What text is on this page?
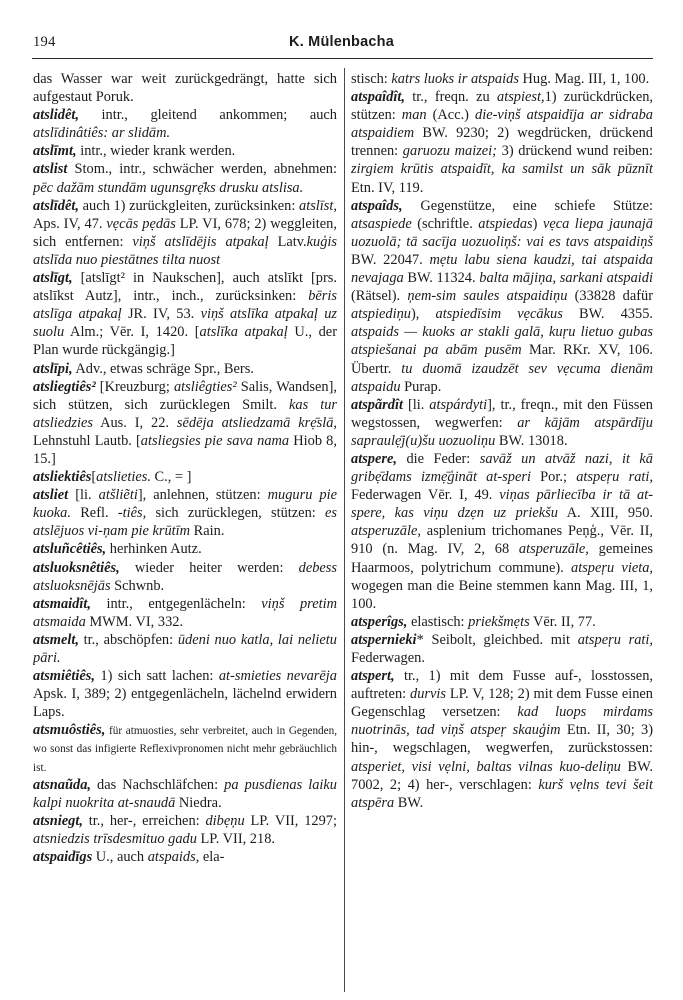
194	K. Mülenbacha

das Wasser war weit zurückgedrängt, hatte sich aufgestaut Poruk.

atslidêt, intr., gleitend ankommen; auch atslīdinâtiês: ar slidām.

atslīmt, intr., wieder krank werden.

atslist Stom., intr., schwächer werden, abnehmen: pēc dažām stundām ugunsgrẹ̄ks drusku atslisa.

atslīdêt, auch 1) zurückgleiten, zurücksinken: atslīst, Aps. IV, 47. vẹcās pẹdās LP. VI, 678; 2) weggleiten, sich entfernen: viņš atslīdējis atpakaļ Latv.kuģis atslīda nuo piestātnes tilta nuost

atslīgt, [atslīgt² in Naukschen], auch atslīkt [prs. atslīkst Autz], intr., inch., zurücksinken: bēris atslīga atpakaļ JR. IV, 53. viņš atslīka atpakaļ uz suolu Alm.; Vēr. I, 1420. [atslīka atpakaļ U., der Plan wurde rückgängig.]

atslīpi, Adv., etwas schräge Spr., Bers.

atsliegtiês² [Kreuzburg; atsliêgties² Salis, Wandsen], sich stützen, sich zurücklegen Smilt. kas tur atsliedzies Aus. I, 22. sēdēja atsliedzamā krẹ̄slā, Lehnstuhl Lautb. [atsliegsies pie sava nama Hiob 8, 15.]

atsliektiês[atslieties. C., = ]

atsliet [li. atšliẽti], anlehnen, stützen: muguru pie kuoka. Refl. -tiês, sich zurücklegen, stützen: es atslējuos vi-ņam pie krūtīm Rain.

atsluñcêtiês, herhinken Autz.

atsluoksnêtiês, wieder heiter werden: debess atsluoksnējās Schwnb.

atsmaidît, intr., entgegenlächeln: viņš pretim atsmaida MWM. VI, 332.

atsmelt, tr., abschöpfen: ūdeni nuo katla, lai nelietu pāri.

atsmiêtiês, 1) sich satt lachen: at-smieties nevarēja Apsk. I, 389; 2) entgegenlächeln, lächelnd erwidern Laps.

atsmuôstiês, für atmuosties, sehr verbreitet, auch in Gegenden, wo sonst das infigierte Reflexivpronomen nicht mehr gebräuchlich ist.

atsnaũda, das Nachschläfchen: pa pusdienas laiku kalpi nuokrita at-snaudā Niedra.

atsniegt, tr., her-, erreichen: dibẹņu LP. VII, 1297; atsniedzis trīsdesmituo gadu LP. VII, 218.

atspaidīgs U., auch atspaids, ela-

stisch: katrs luoks ir atspaids Hug. Mag. III, 1, 100.

atspaîdît, tr., freqn. zu atspiest,1) zurückdrücken, stützen: man (Acc.) die-viņš atspaidīja ar sidraba atspaidiem BW. 9230; 2) wegdrücken, drückend trennen: garuozu maizei; 3) drückend wund reiben: zirgiem krūtis atspaidīt, ka samilst un sāk pūznīt Etn. IV, 119.

atspaîds, Gegenstütze, eine schiefe Stütze: atsaspiede (schriftle. atspiedas) vẹca liepa jaunajā uozuolā; tā sacīja uozuoliņš: vai es tavs atspaidiņš BW. 22047. mẹtu labu siena kaudzi, tai atspaida nevajaga BW. 11324. balta mājiņa, sarkani atspaidi (Rätsel). ņem-sim saules atspaidiņu (33828 dafür atspiediņu), atspiedīsim vẹcākus BW. 4355. atspaids — kuoks ar stakli galā, kuŗu lietuo gubas atspiešanai pa abām pusēm Mar. RKr. XV, 106. Übertr. tu duomā izaudzēt sev vẹcuma dienām atspaidu Purap.

atspãrdît [li. atspárdyti], tr., freqn., mit den Füssen wegstossen, wegwerfen: ar kājām atspārdīju sapraulẹ̄j(u)šu uozuoliņu BW. 13018.

atspere, die Feder: savāž un atvāž nazi, it kā gribẹ̄dams izmẹ̄ģināt at-speri Por.; atspeŗu rati, Federwagen Vēr. I, 49. viņas pārliecība ir tā at-spere, kas viņu dzẹn uz priekšu A. XIII, 950. atsperuzāle, asplenium trichomanes Peņģ., Vēr. II, 910 (n. Mag. IV, 2, 68 atsperuzāle, gemeines Haarmoos, polytrichum commune). atspeŗu vieta, wogegen man die Beine stemmen kann Mag. III, 1, 100.

atsperîgs, elastisch: priekšmẹts Vēr. II, 77.

atspernieki* Seibolt, gleichbed. mit atspeŗu rati, Federwagen.

atspert, tr., 1) mit dem Fusse auf-, losstossen, auftreten: durvis LP. V, 128; 2) mit dem Fusse einen Gegenschlag versetzen: kad luops mirdams nuotrinās, tad viņš atspeŗ skauģim Etn. II, 30; 3) hin-, wegschlagen, wegwerfen, zurückstossen: atsperiet, visi vẹlni, baltas vilnas kuo-deliņu BW. 7002, 2; 4) her-, verschlagen: kurš vẹlns tevi šeit atspēra BW.
